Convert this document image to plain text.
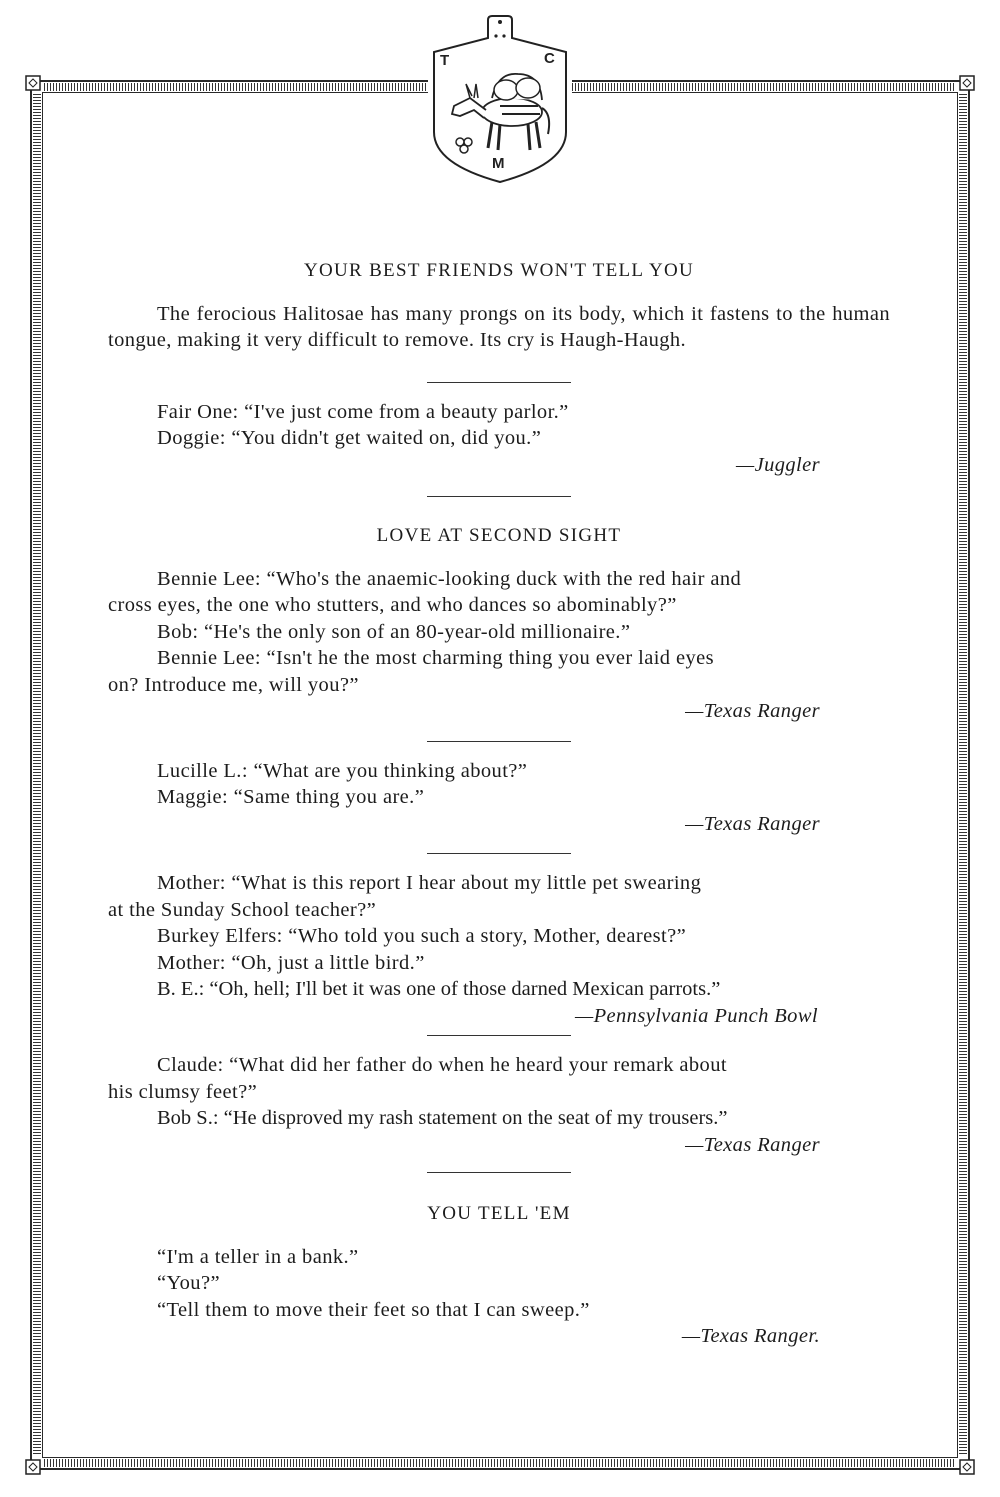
T	C
M
YOUR BEST FRIENDS WON'T TELL YOU

The ferocious Halitosae has many prongs on its body, which it fastens to the human tongue, making it very difficult to remove. Its cry is Haugh-Haugh.

Fair One: “I've just come from a beauty parlor.”

Doggie: “You didn't get waited on, did you.”

—Juggler

LOVE AT SECOND SIGHT

Bennie Lee: “Who's the anaemic-looking duck with the red hair and

cross eyes, the one who stutters, and who dances so abominably?”

Bob: “He's the only son of an 80-year-old millionaire.”

Bennie Lee: “Isn't he the most charming thing you ever laid eyes

on? Introduce me, will you?”

—Texas Ranger

Lucille L.: “What are you thinking about?”

Maggie: “Same thing you are.”

—Texas Ranger

Mother: “What is this report I hear about my little pet swearing

at the Sunday School teacher?”

Burkey Elfers: “Who told you such a story, Mother, dearest?”

Mother: “Oh, just a little bird.”

B. E.: “Oh, hell; I'll bet it was one of those darned Mexican parrots.”

—Pennsylvania Punch Bowl

Claude: “What did her father do when he heard your remark about

his clumsy feet?”

Bob S.: “He disproved my rash statement on the seat of my trousers.”

—Texas Ranger

YOU TELL 'EM

“I'm a teller in a bank.”

“You?”

“Tell them to move their feet so that I can sweep.”

—Texas Ranger.
